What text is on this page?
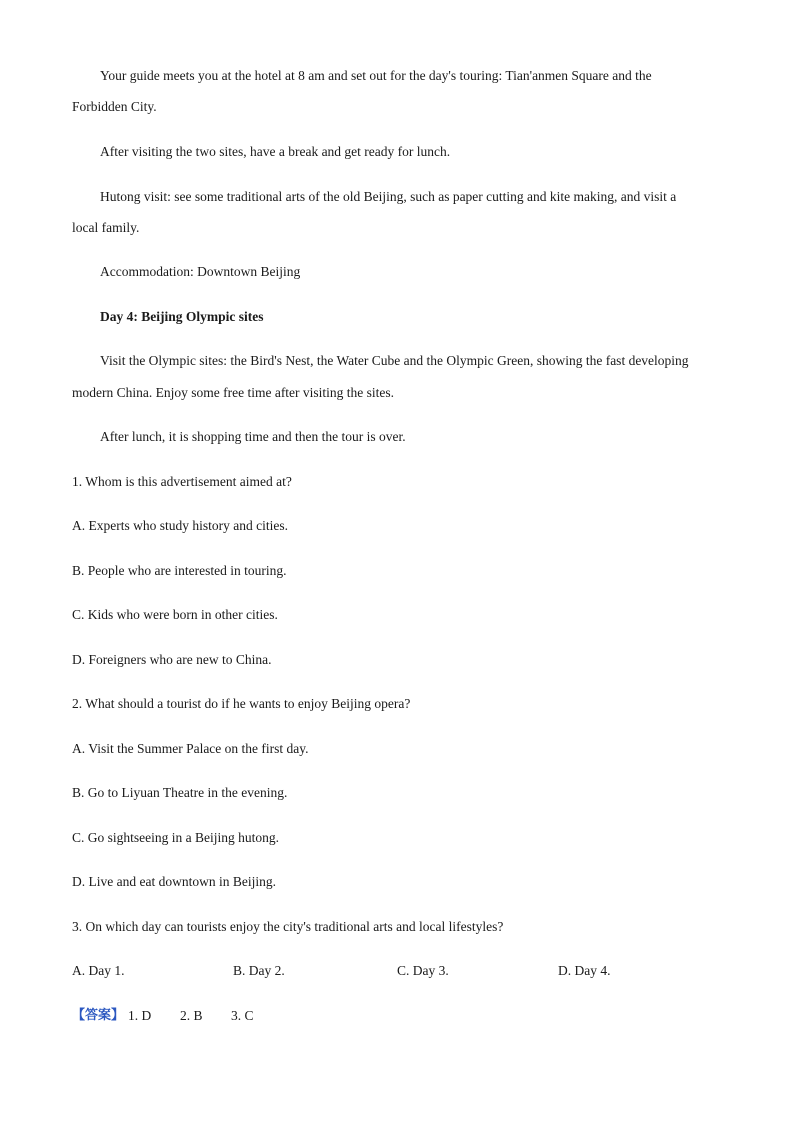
Your guide meets you at the hotel at 8 am and set out for the day's touring: Tian'anmen Square and the
Forbidden City.
After visiting the two sites, have a break and get ready for lunch.
Hutong visit: see some traditional arts of the old Beijing, such as paper cutting and kite making, and visit a
local family.
Accommodation: Downtown Beijing
Day 4: Beijing Olympic sites
Visit the Olympic sites: the Bird's Nest, the Water Cube and the Olympic Green, showing the fast developing
modern China. Enjoy some free time after visiting the sites.
After lunch, it is shopping time and then the tour is over.
1. Whom is this advertisement aimed at?
A. Experts who study history and cities.
B. People who are interested in touring.
C. Kids who were born in other cities.
D. Foreigners who are new to China.
2. What should a tourist do if he wants to enjoy Beijing opera?
A. Visit the Summer Palace on the first day.
B. Go to Liyuan Theatre in the evening.
C. Go sightseeing in a Beijing hutong.
D. Live and eat downtown in Beijing.
3. On which day can tourists enjoy the city's traditional arts and local lifestyles?
A. Day 1.	B. Day 2.	C. Day 3.	D. Day 4.
【答案】 1. D 2. B 3. C
